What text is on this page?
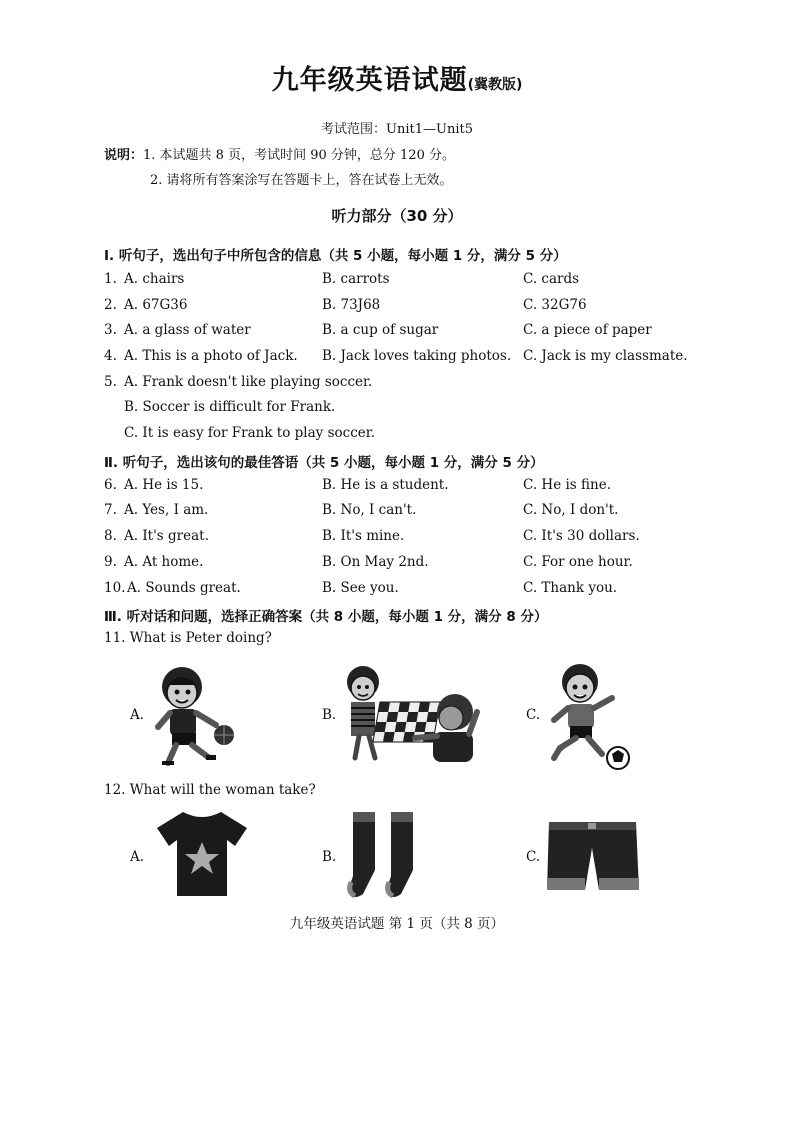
九年级英语试题(冀教版)
考试范围：Unit1—Unit5
说明：1. 本试题共 8 页，考试时间 90 分钟，总分 120 分。
2. 请将所有答案涂写在答题卡上，答在试卷上无效。
听力部分（30 分）
Ⅰ. 听句子，选出句子中所包含的信息（共 5 小题，每小题 1 分，满分 5 分）
1. A. chairs	B. carrots	C. cards
2. A. 67G36	B. 73J68	C. 32G76
3. A. a glass of water	B. a cup of sugar	C. a piece of paper
4. A. This is a photo of Jack. B. Jack loves taking photos. C. Jack is my classmate.
5. A. Frank doesn't like playing soccer.
B. Soccer is difficult for Frank.
C. It is easy for Frank to play soccer.
Ⅱ. 听句子，选出该句的最佳答语（共 5 小题，每小题 1 分，满分 5 分）
6. A. He is 15.	B. He is a student.	C. He is fine.
7. A. Yes, I am.	B. No, I can't.	C. No, I don't.
8. A. It's great.	B. It's mine.	C. It's 30 dollars.
9. A. At home.	B. On May 2nd.	C. For one hour.
10. A. Sounds great.	B. See you.	C. Thank you.
Ⅲ. 听对话和问题，选择正确答案（共 8 小题，每小题 1 分，满分 8 分）
11. What is Peter doing?
A.	B.	C.
12. What will the woman take?
A.	B.	C.
九年级英语试题 第 1 页（共 8 页）
